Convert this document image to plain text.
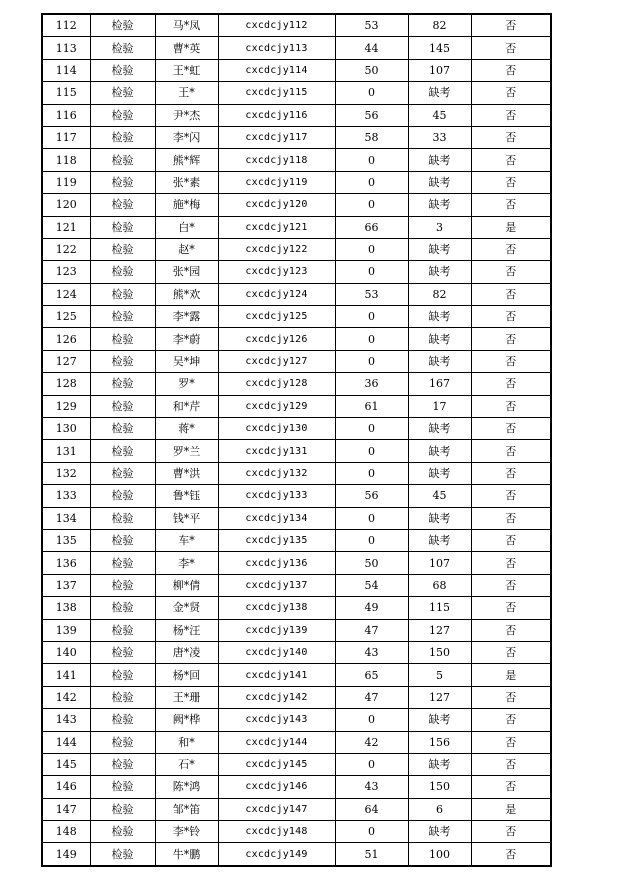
112	检验	马*凤	cxcdcjy112	53	82	否
113	检验	曹*英	cxcdcjy113	44	145	否
114	检验	王*虹	cxcdcjy114	50	107	否
115	检验	王*	cxcdcjy115	0	缺考	否
116	检验	尹*杰	cxcdcjy116	56	45	否
117	检验	李*闪	cxcdcjy117	58	33	否
118	检验	熊*辉	cxcdcjy118	0	缺考	否
119	检验	张*素	cxcdcjy119	0	缺考	否
120	检验	施*梅	cxcdcjy120	0	缺考	否
121	检验	白*	cxcdcjy121	66	3	是
122	检验	赵*	cxcdcjy122	0	缺考	否
123	检验	张*园	cxcdcjy123	0	缺考	否
124	检验	熊*欢	cxcdcjy124	53	82	否
125	检验	李*露	cxcdcjy125	0	缺考	否
126	检验	李*蔚	cxcdcjy126	0	缺考	否
127	检验	吴*坤	cxcdcjy127	0	缺考	否
128	检验	罗*	cxcdcjy128	36	167	否
129	检验	和*芹	cxcdcjy129	61	17	否
130	检验	蒋*	cxcdcjy130	0	缺考	否
131	检验	罗*兰	cxcdcjy131	0	缺考	否
132	检验	曹*洪	cxcdcjy132	0	缺考	否
133	检验	鲁*钰	cxcdcjy133	56	45	否
134	检验	钱*平	cxcdcjy134	0	缺考	否
135	检验	车*	cxcdcjy135	0	缺考	否
136	检验	李*	cxcdcjy136	50	107	否
137	检验	柳*倩	cxcdcjy137	54	68	否
138	检验	金*贤	cxcdcjy138	49	115	否
139	检验	杨*汪	cxcdcjy139	47	127	否
140	检验	唐*凌	cxcdcjy140	43	150	否
141	检验	杨*回	cxcdcjy141	65	5	是
142	检验	王*珊	cxcdcjy142	47	127	否
143	检验	阙*桦	cxcdcjy143	0	缺考	否
144	检验	和*	cxcdcjy144	42	156	否
145	检验	石*	cxcdcjy145	0	缺考	否
146	检验	陈*鸿	cxcdcjy146	43	150	否
147	检验	邹*笛	cxcdcjy147	64	6	是
148	检验	李*铃	cxcdcjy148	0	缺考	否
149	检验	牛*鹏	cxcdcjy149	51	100	否
